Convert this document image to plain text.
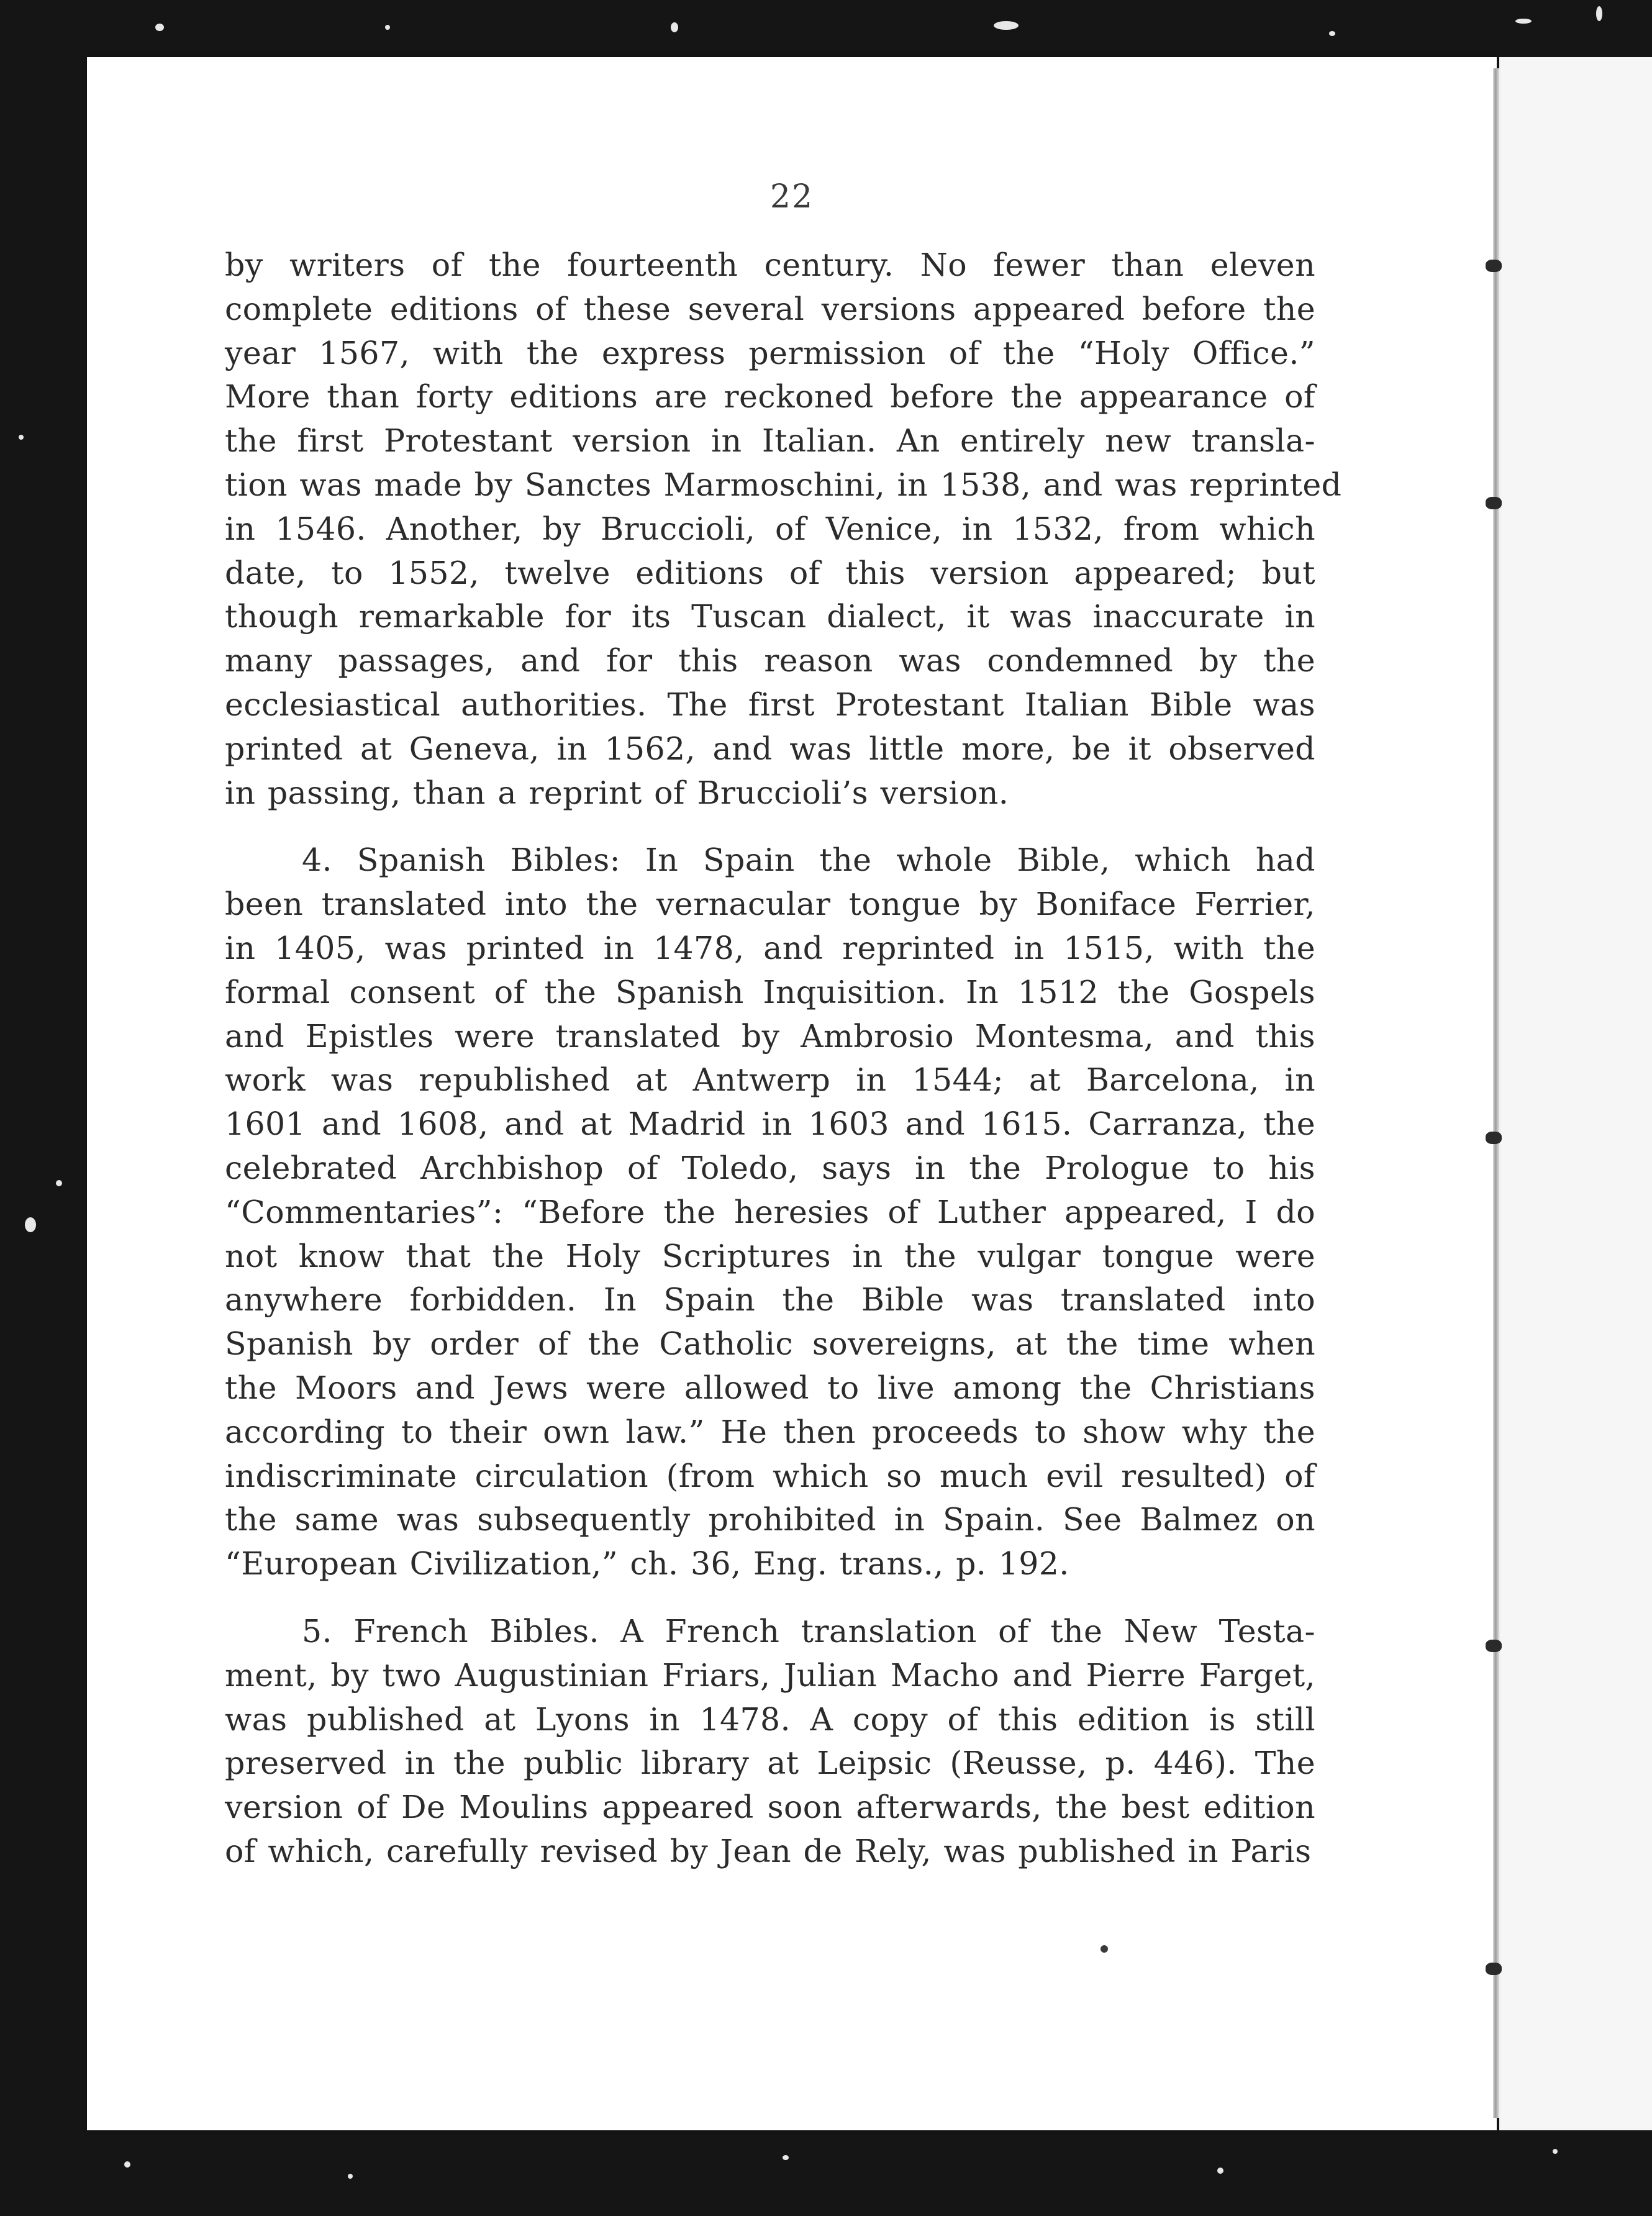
22

by writers of the fourteenth century. No fewer than eleven
complete editions of these several versions appeared before the
year 1567, with the express permission of the “Holy Office.”
More than forty editions are reckoned before the appearance of
the first Protestant version in Italian. An entirely new transla-
tion was made by Sanctes Marmoschini, in 1538, and was reprinted
in 1546. Another, by Bruccioli, of Venice, in 1532, from which
date, to 1552, twelve editions of this version appeared; but
though remarkable for its Tuscan dialect, it was inaccurate in
many passages, and for this reason was condemned by the
ecclesiastical authorities. The first Protestant Italian Bible was
printed at Geneva, in 1562, and was little more, be it observed
in passing, than a reprint of Bruccioli’s version.

4. Spanish Bibles: In Spain the whole Bible, which had
been translated into the vernacular tongue by Boniface Ferrier,
in 1405, was printed in 1478, and reprinted in 1515, with the
formal consent of the Spanish Inquisition. In 1512 the Gospels
and Epistles were translated by Ambrosio Montesma, and this
work was republished at Antwerp in 1544; at Barcelona, in
1601 and 1608, and at Madrid in 1603 and 1615. Carranza, the
celebrated Archbishop of Toledo, says in the Prologue to his
“Commentaries”: “Before the heresies of Luther appeared, I do
not know that the Holy Scriptures in the vulgar tongue were
anywhere forbidden. In Spain the Bible was translated into
Spanish by order of the Catholic sovereigns, at the time when
the Moors and Jews were allowed to live among the Christians
according to their own law.” He then proceeds to show why the
indiscriminate circulation (from which so much evil resulted) of
the same was subsequently prohibited in Spain. See Balmez on
“European Civilization,” ch. 36, Eng. trans., p. 192.

5. French Bibles. A French translation of the New Testa-
ment, by two Augustinian Friars, Julian Macho and Pierre Farget,
was published at Lyons in 1478. A copy of this edition is still
preserved in the public library at Leipsic (Reusse, p. 446). The
version of De Moulins appeared soon afterwards, the best edition
of which, carefully revised by Jean de Rely, was published in Paris
